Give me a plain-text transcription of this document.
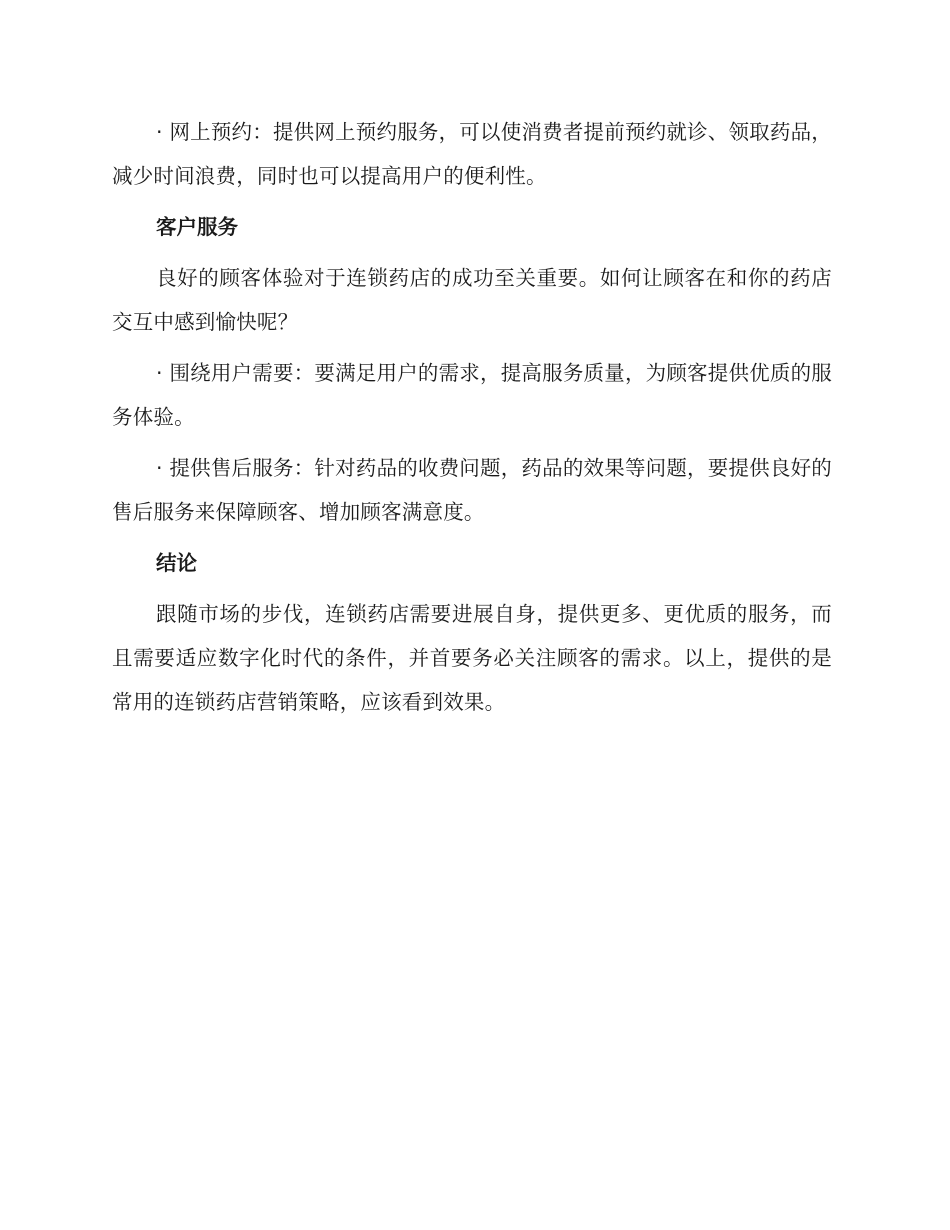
· 网上预约：提供网上预约服务，可以使消费者提前预约就诊、领取药品，减少时间浪费，同时也可以提高用户的便利性。

客户服务

良好的顾客体验对于连锁药店的成功至关重要。如何让顾客在和你的药店交互中感到愉快呢？

· 围绕用户需要：要满足用户的需求，提高服务质量，为顾客提供优质的服务体验。

· 提供售后服务：针对药品的收费问题，药品的效果等问题，要提供良好的售后服务来保障顾客、增加顾客满意度。

结论

跟随市场的步伐，连锁药店需要进展自身，提供更多、更优质的服务，而且需要适应数字化时代的条件，并首要务必关注顾客的需求。以上，提供的是常用的连锁药店营销策略，应该看到效果。
